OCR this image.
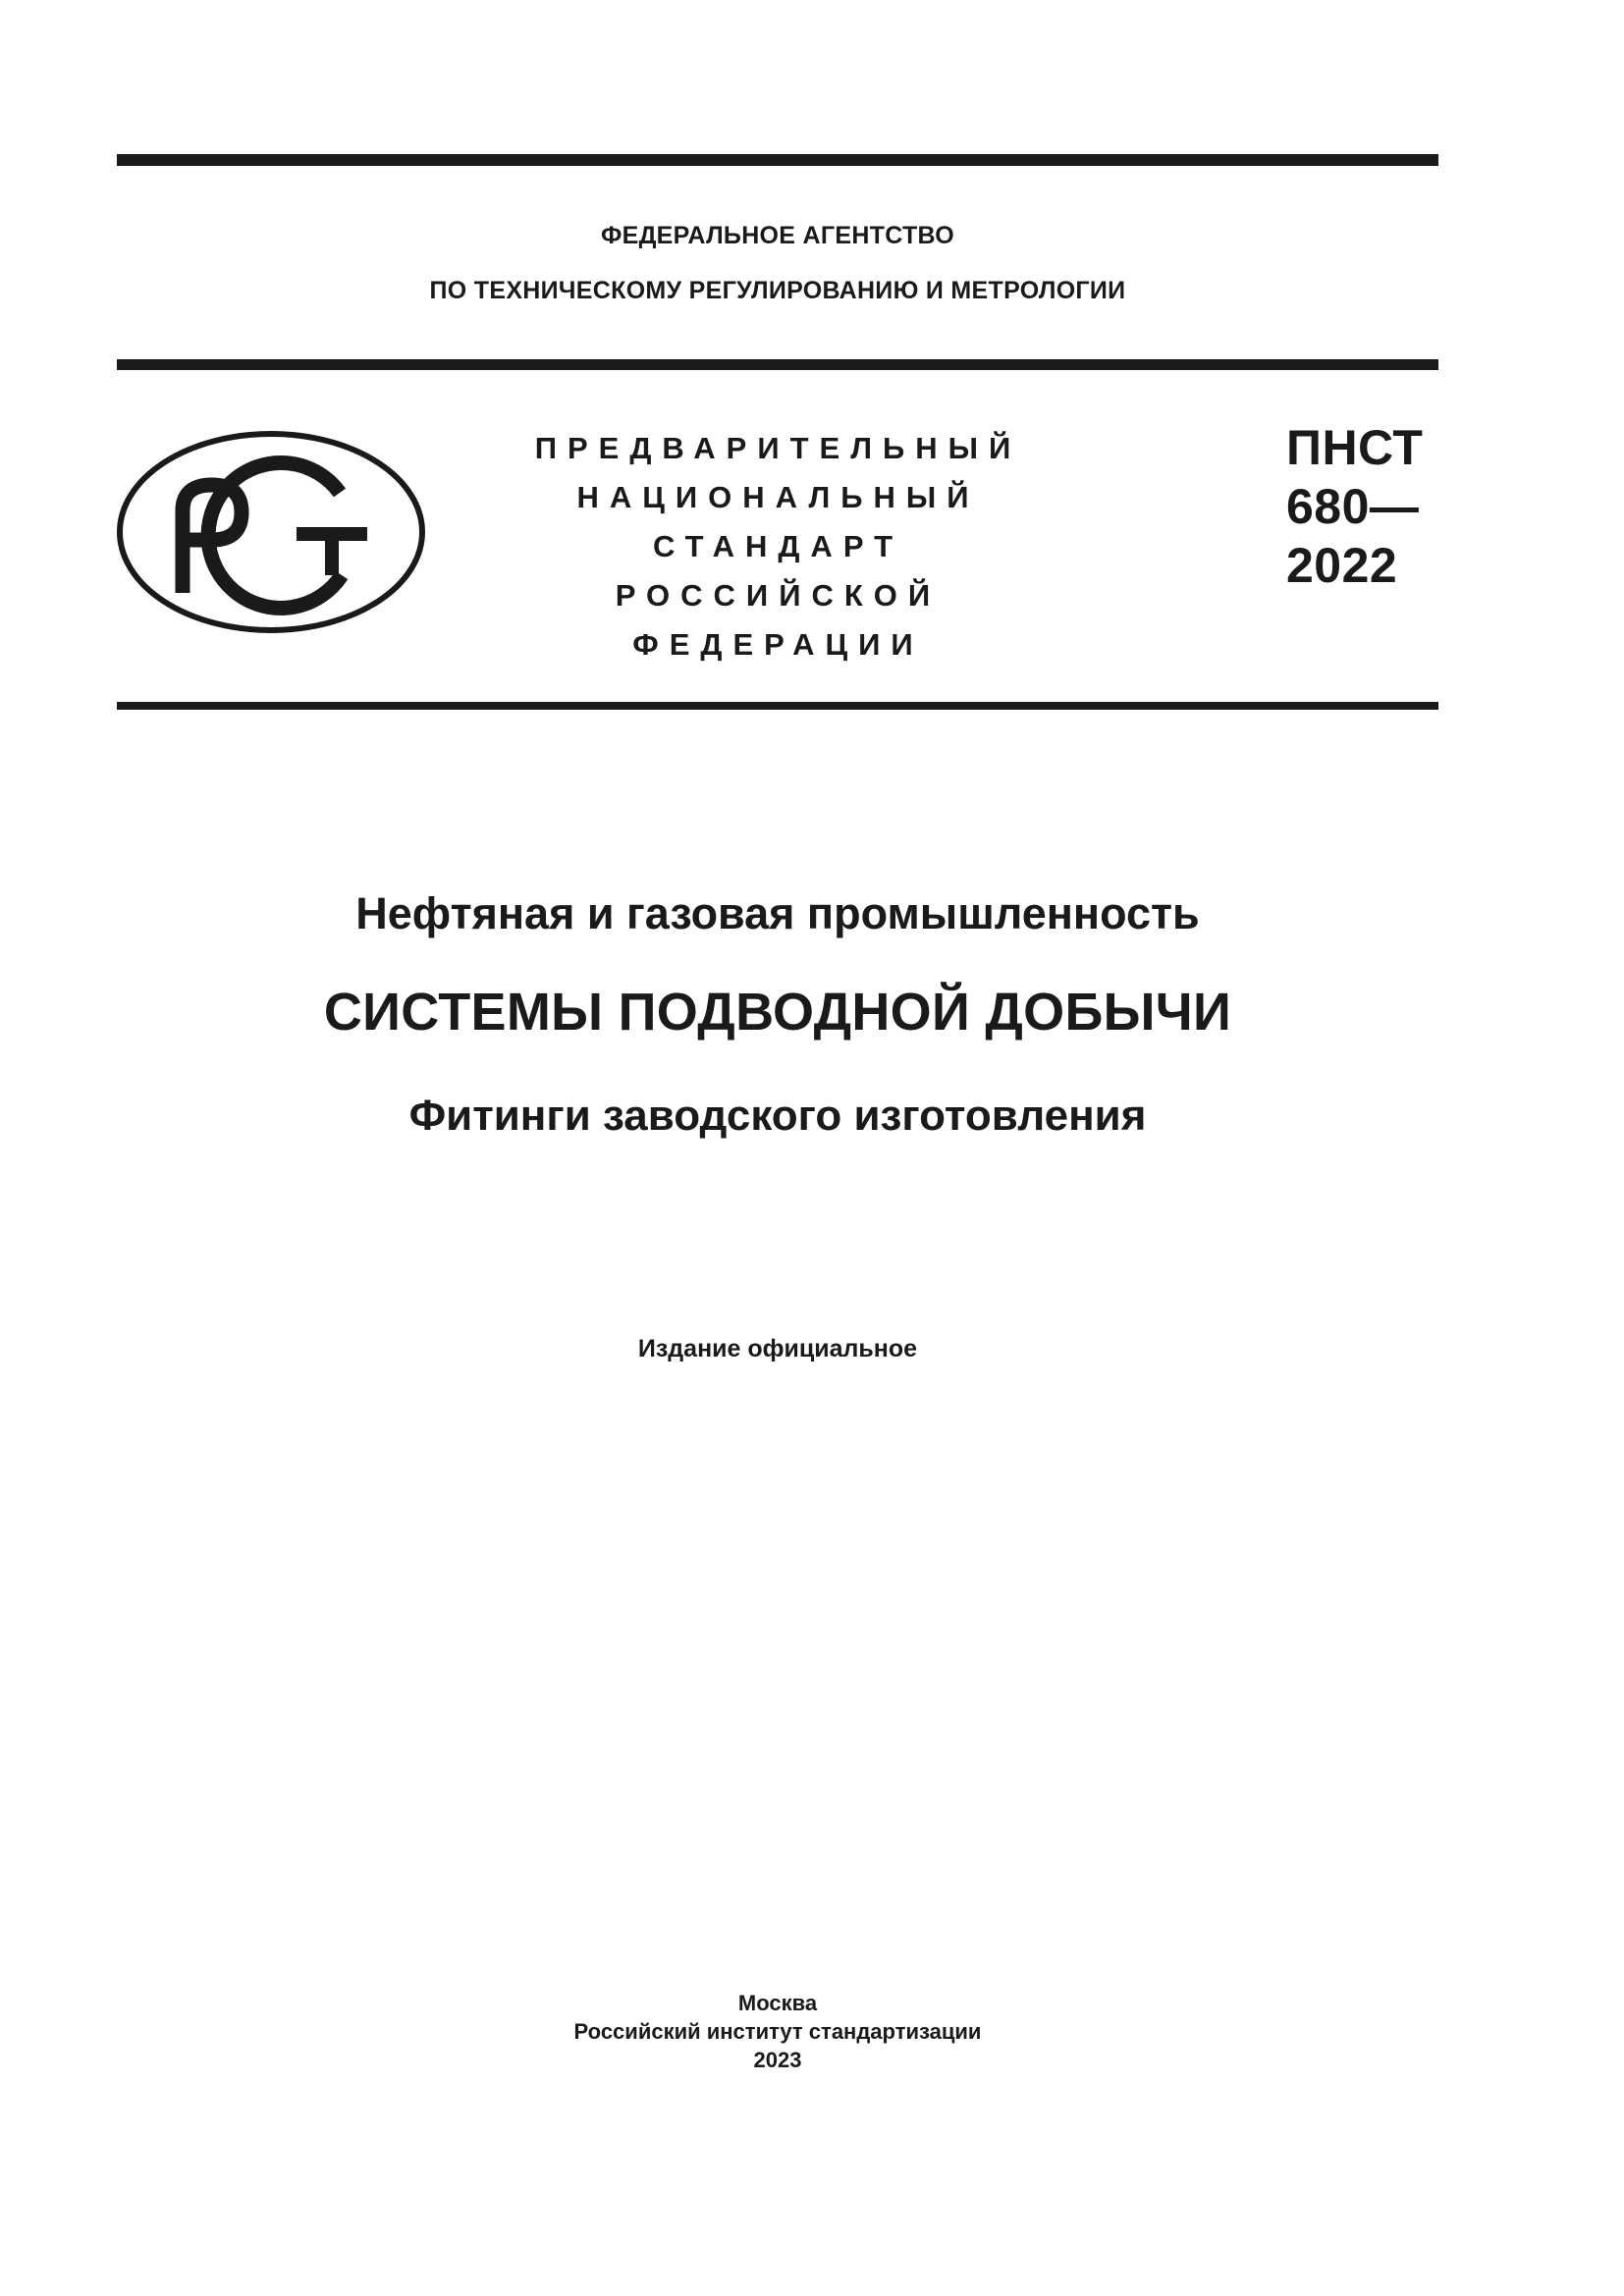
ФЕДЕРАЛЬНОЕ АГЕНТСТВО
ПО ТЕХНИЧЕСКОМУ РЕГУЛИРОВАНИЮ И МЕТРОЛОГИИ
ПРЕДВАРИТЕЛЬНЫЙ
НАЦИОНАЛЬНЫЙ
СТАНДАРТ
РОССИЙСКОЙ
ФЕДЕРАЦИИ
ПНСТ
680—
2022
Нефтяная и газовая промышленность
СИСТЕМЫ ПОДВОДНОЙ ДОБЫЧИ
Фитинги заводского изготовления
Издание официальное
Москва
Российский институт стандартизации
2023
